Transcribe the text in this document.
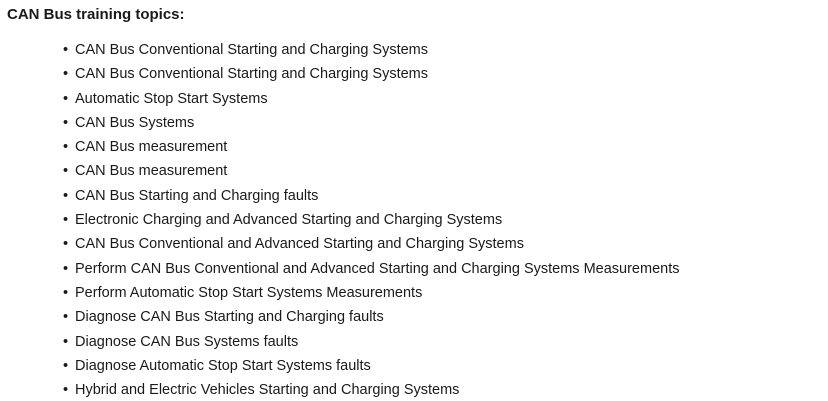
CAN Bus training topics:
• CAN Bus Conventional Starting and Charging Systems
• CAN Bus Conventional Starting and Charging Systems
• Automatic Stop Start Systems
• CAN Bus Systems
• CAN Bus measurement
• CAN Bus measurement
• CAN Bus Starting and Charging faults
• Electronic Charging and Advanced Starting and Charging Systems
• CAN Bus Conventional and Advanced Starting and Charging Systems
• Perform CAN Bus Conventional and Advanced Starting and Charging Systems Measurements
• Perform Automatic Stop Start Systems Measurements
• Diagnose CAN Bus Starting and Charging faults
• Diagnose CAN Bus Systems faults
• Diagnose Automatic Stop Start Systems faults
• Hybrid and Electric Vehicles Starting and Charging Systems
